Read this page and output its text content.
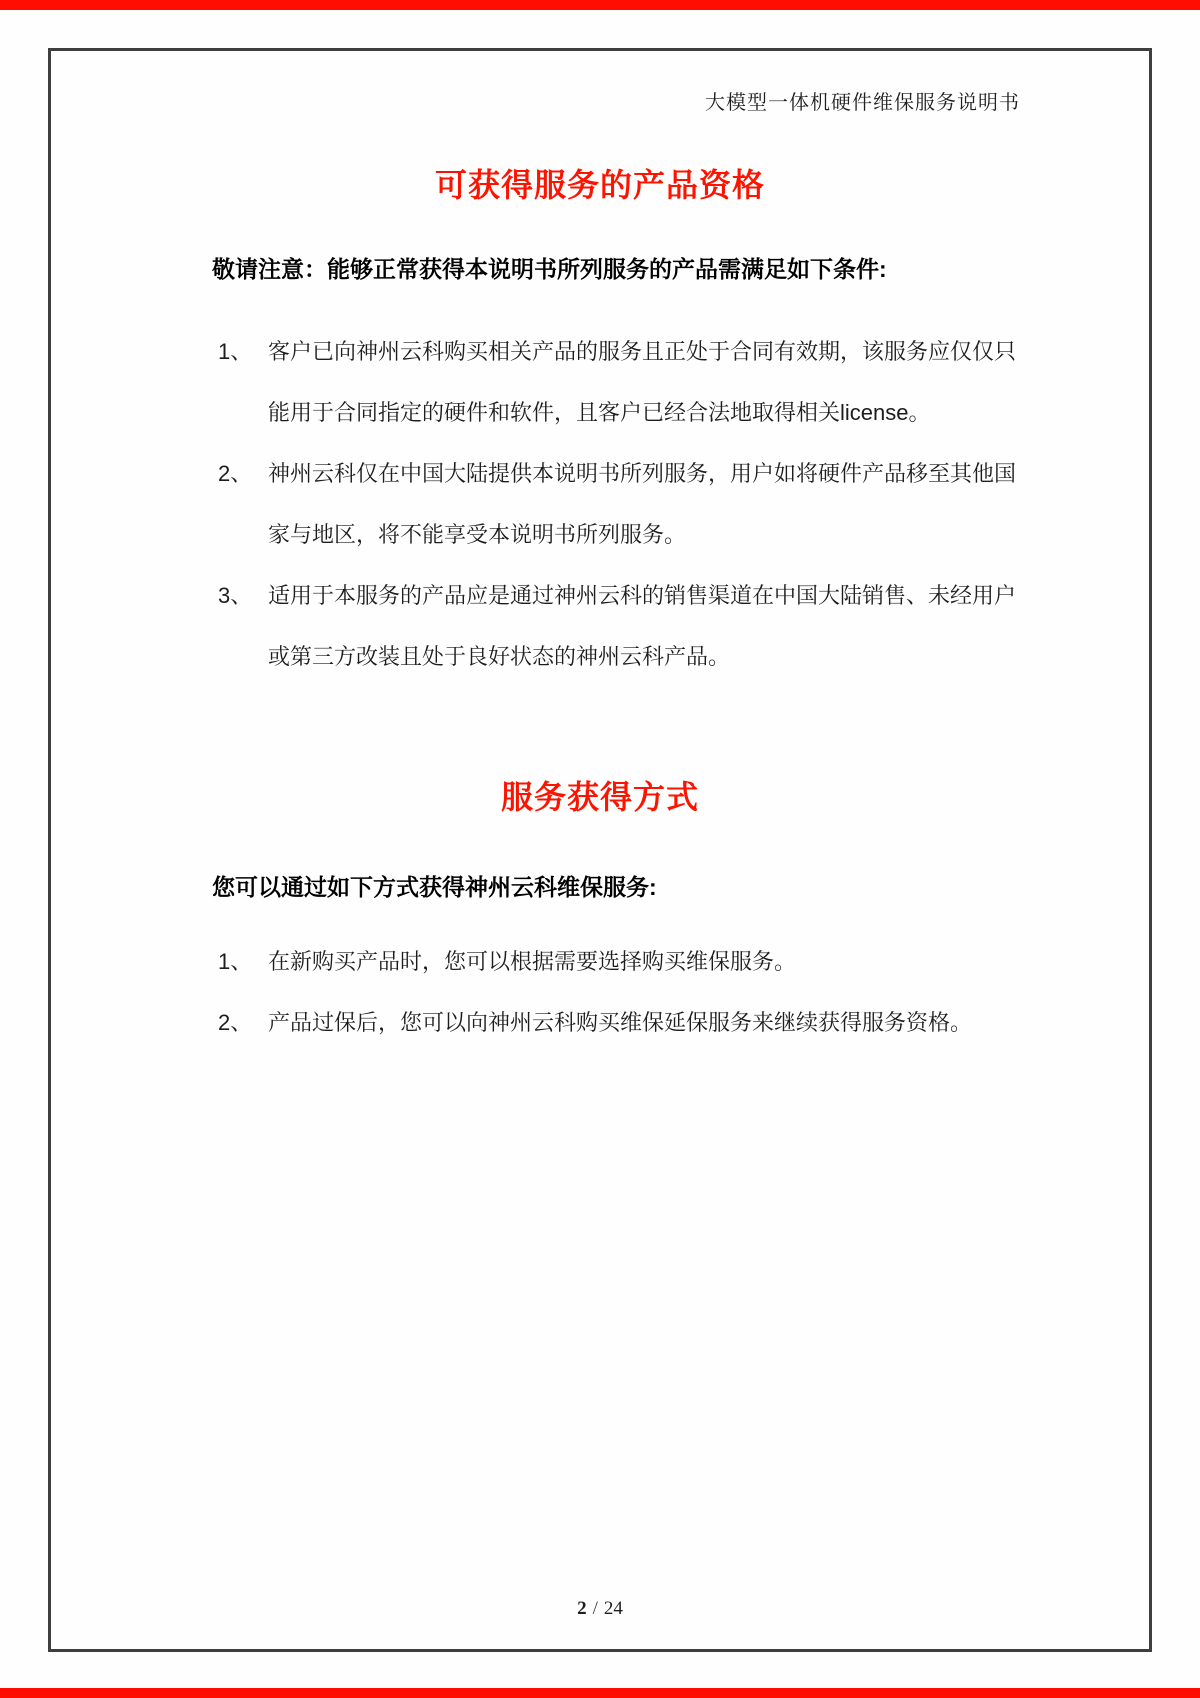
大模型一体机硬件维保服务说明书
可获得服务的产品资格

敬请注意：能够正常获得本说明书所列服务的产品需满足如下条件:

1、 客户已向神州云科购买相关产品的服务且正处于合同有效期，该服务应仅仅只
能用于合同指定的硬件和软件，且客户已经合法地取得相关license。
2、 神州云科仅在中国大陆提供本说明书所列服务，用户如将硬件产品移至其他国
家与地区，将不能享受本说明书所列服务。
3、 适用于本服务的产品应是通过神州云科的销售渠道在中国大陆销售、未经用户
或第三方改装且处于良好状态的神州云科产品。
服务获得方式

您可以通过如下方式获得神州云科维保服务:

1、 在新购买产品时，您可以根据需要选择购买维保服务。
2、 产品过保后，您可以向神州云科购买维保延保服务来继续获得服务资格。
2 / 24
